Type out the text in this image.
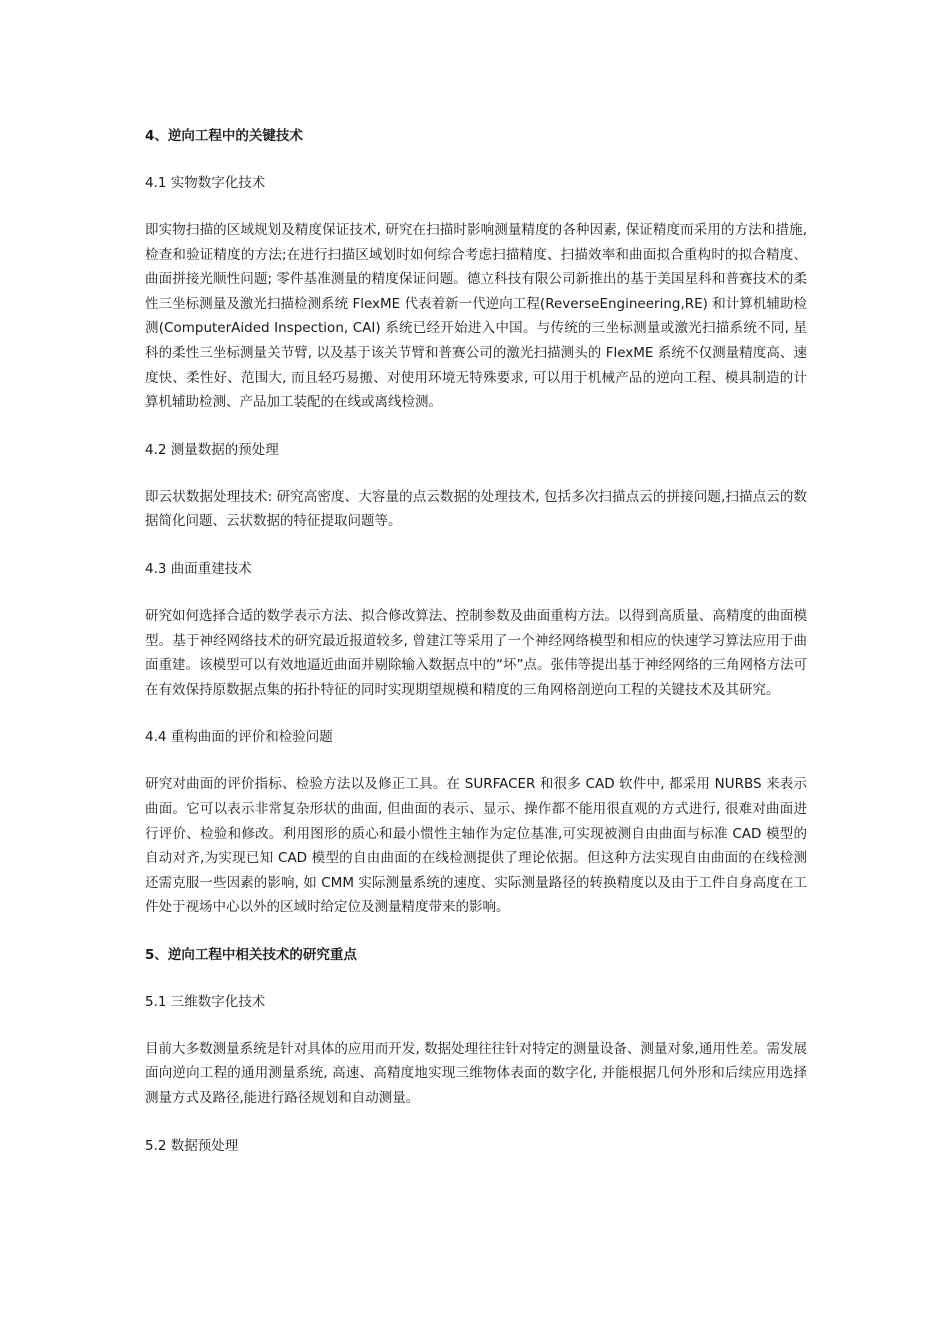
4、逆向工程中的关键技术
4.1 实物数字化技术
即实物扫描的区域规划及精度保证技术, 研究在扫描时影响测量精度的各种因素, 保证精度而采用的方法和措施, 检查和验证精度的方法;在进行扫描区域划时如何综合考虑扫描精度、扫描效率和曲面拟合重构时的拟合精度、曲面拼接光顺性问题; 零件基准测量的精度保证问题。德立科技有限公司新推出的基于美国星科和普赛技术的柔性三坐标测量及激光扫描检测系统 FlexME 代表着新一代逆向工程(ReverseEngineering,RE) 和计算机辅助检测(ComputerAided Inspection, CAI) 系统已经开始进入中国。与传统的三坐标测量或激光扫描系统不同, 星科的柔性三坐标测量关节臂, 以及基于该关节臂和普赛公司的激光扫描测头的 FlexME 系统不仅测量精度高、速度快、柔性好、范围大, 而且轻巧易搬、对使用环境无特殊要求, 可以用于机械产品的逆向工程、模具制造的计算机辅助检测、产品加工装配的在线或离线检测。
4.2 测量数据的预处理
即云状数据处理技术: 研究高密度、大容量的点云数据的处理技术, 包括多次扫描点云的拼接问题,扫描点云的数据简化问题、云状数据的特征提取问题等。
4.3 曲面重建技术
研究如何选择合适的数学表示方法、拟合修改算法、控制参数及曲面重构方法。以得到高质量、高精度的曲面模型。基于神经网络技术的研究最近报道较多, 曾建江等采用了一个神经网络模型和相应的快速学习算法应用于曲面重建。该模型可以有效地逼近曲面并剔除输入数据点中的“坏”点。张伟等提出基于神经网络的三角网格方法可在有效保持原数据点集的拓扑特征的同时实现期望规模和精度的三角网格剖逆向工程的关键技术及其研究。
4.4 重构曲面的评价和检验问题
研究对曲面的评价指标、检验方法以及修正工具。在 SURFACER 和很多 CAD 软件中, 都采用 NURBS 来表示曲面。它可以表示非常复杂形状的曲面, 但曲面的表示、显示、操作都不能用很直观的方式进行, 很难对曲面进行评价、检验和修改。利用图形的质心和最小惯性主轴作为定位基准,可实现被测自由曲面与标准 CAD 模型的自动对齐,为实现已知 CAD 模型的自由曲面的在线检测提供了理论依据。但这种方法实现自由曲面的在线检测还需克服一些因素的影响, 如 CMM 实际测量系统的速度、实际测量路径的转换精度以及由于工件自身高度在工件处于视场中心以外的区域时给定位及测量精度带来的影响。
5、逆向工程中相关技术的研究重点
5.1 三维数字化技术
目前大多数测量系统是针对具体的应用而开发, 数据处理往往针对特定的测量设备、测量对象,通用性差。需发展面向逆向工程的通用测量系统, 高速、高精度地实现三维物体表面的数字化, 并能根据几何外形和后续应用选择测量方式及路径,能进行路径规划和自动测量。
5.2 数据预处理
